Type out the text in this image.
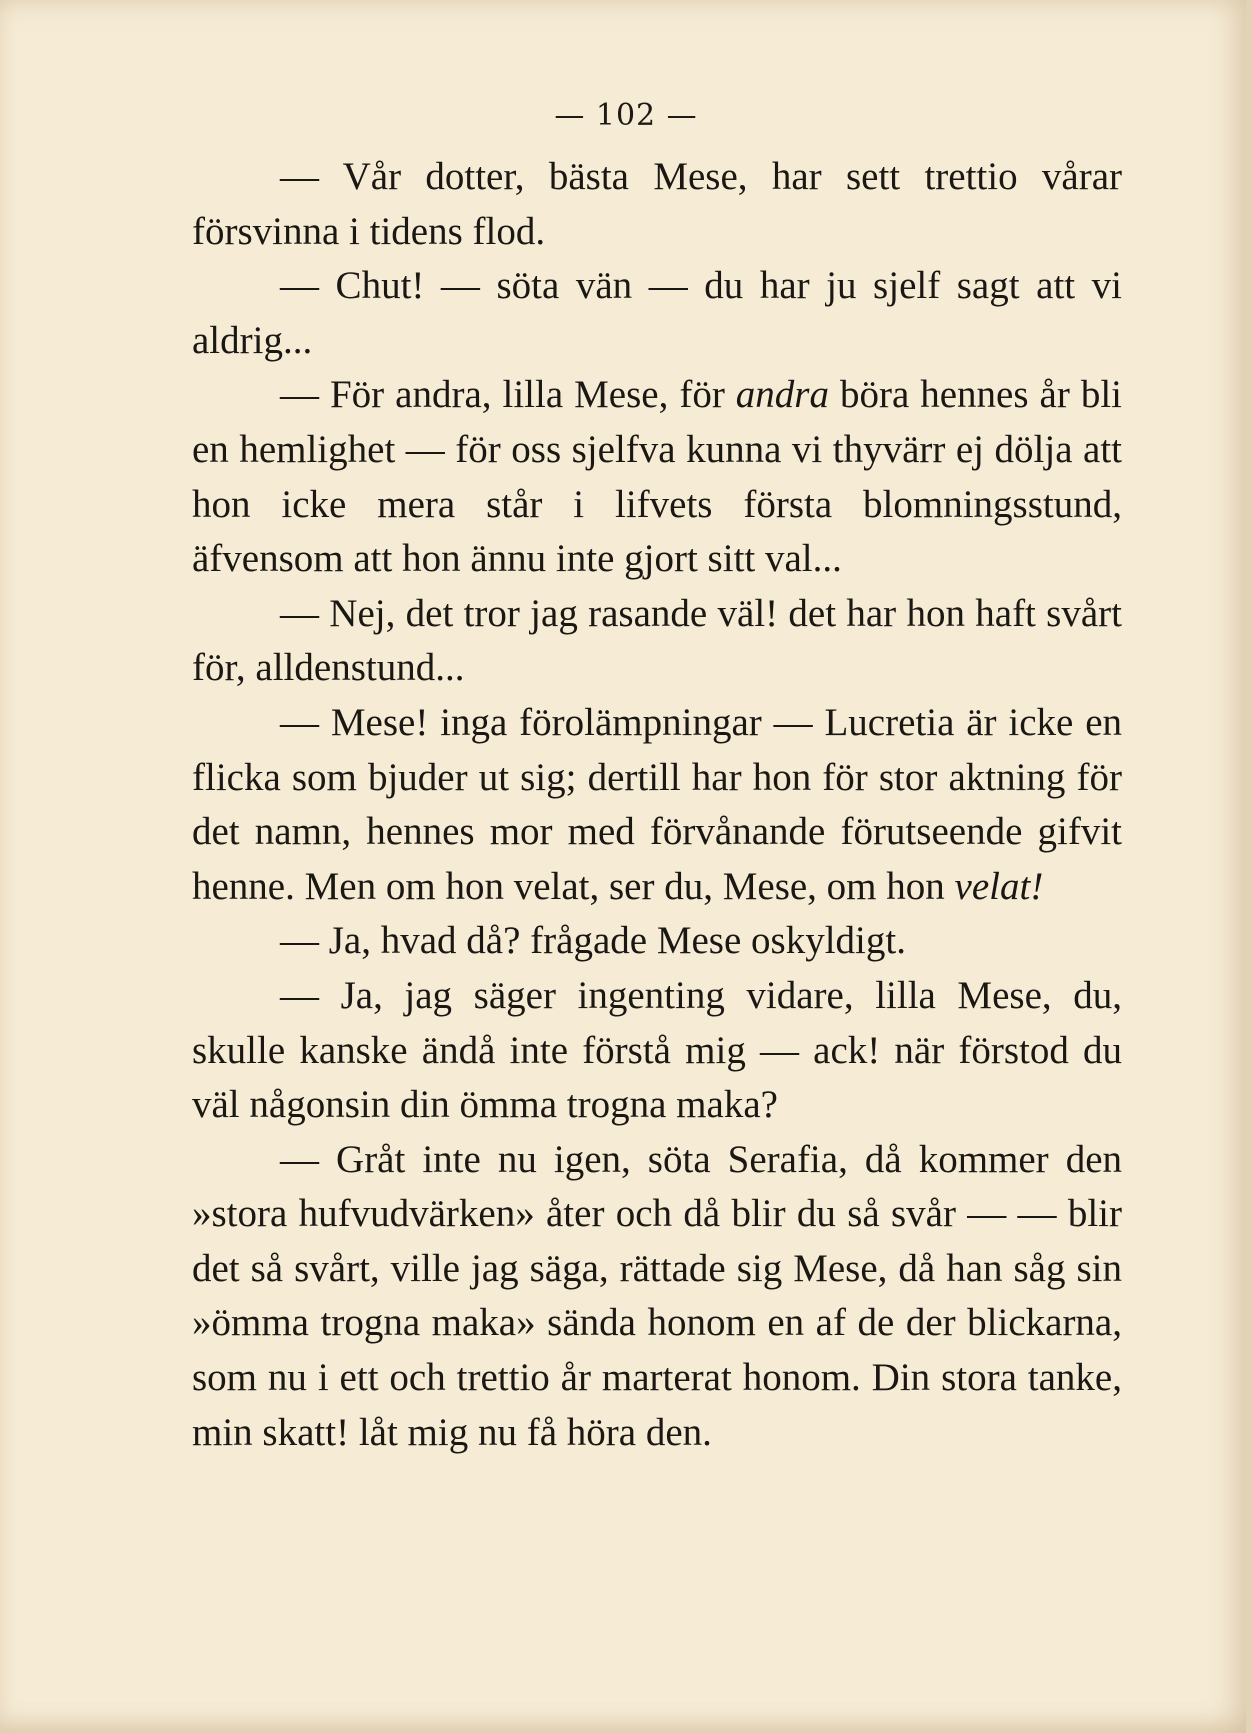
— 102 —

— Vår dotter, bästa Mese, har sett trettio vårar försvinna i tidens flod.

— Chut! — söta vän — du har ju sjelf sagt att vi aldrig...

— För andra, lilla Mese, för andra böra hennes år bli en hemlighet — för oss sjelfva kunna vi thyvärr ej dölja att hon icke mera står i lifvets första blomningsstund, äfvensom att hon ännu inte gjort sitt val...

— Nej, det tror jag rasande väl! det har hon haft svårt för, alldenstund...

— Mese! inga förolämpningar — Lucretia är icke en flicka som bjuder ut sig; dertill har hon för stor aktning för det namn, hennes mor med förvånande förutseende gifvit henne. Men om hon velat, ser du, Mese, om hon velat!

— Ja, hvad då? frågade Mese oskyldigt.

— Ja, jag säger ingenting vidare, lilla Mese, du, skulle kanske ändå inte förstå mig — ack! när förstod du väl någonsin din ömma trogna maka?

— Gråt inte nu igen, söta Serafia, då kommer den »stora hufvudvärken» åter och då blir du så svår — — blir det så svårt, ville jag säga, rättade sig Mese, då han såg sin »ömma trogna maka» sända honom en af de der blickarna, som nu i ett och trettio år marterat honom. Din stora tanke, min skatt! låt mig nu få höra den.
